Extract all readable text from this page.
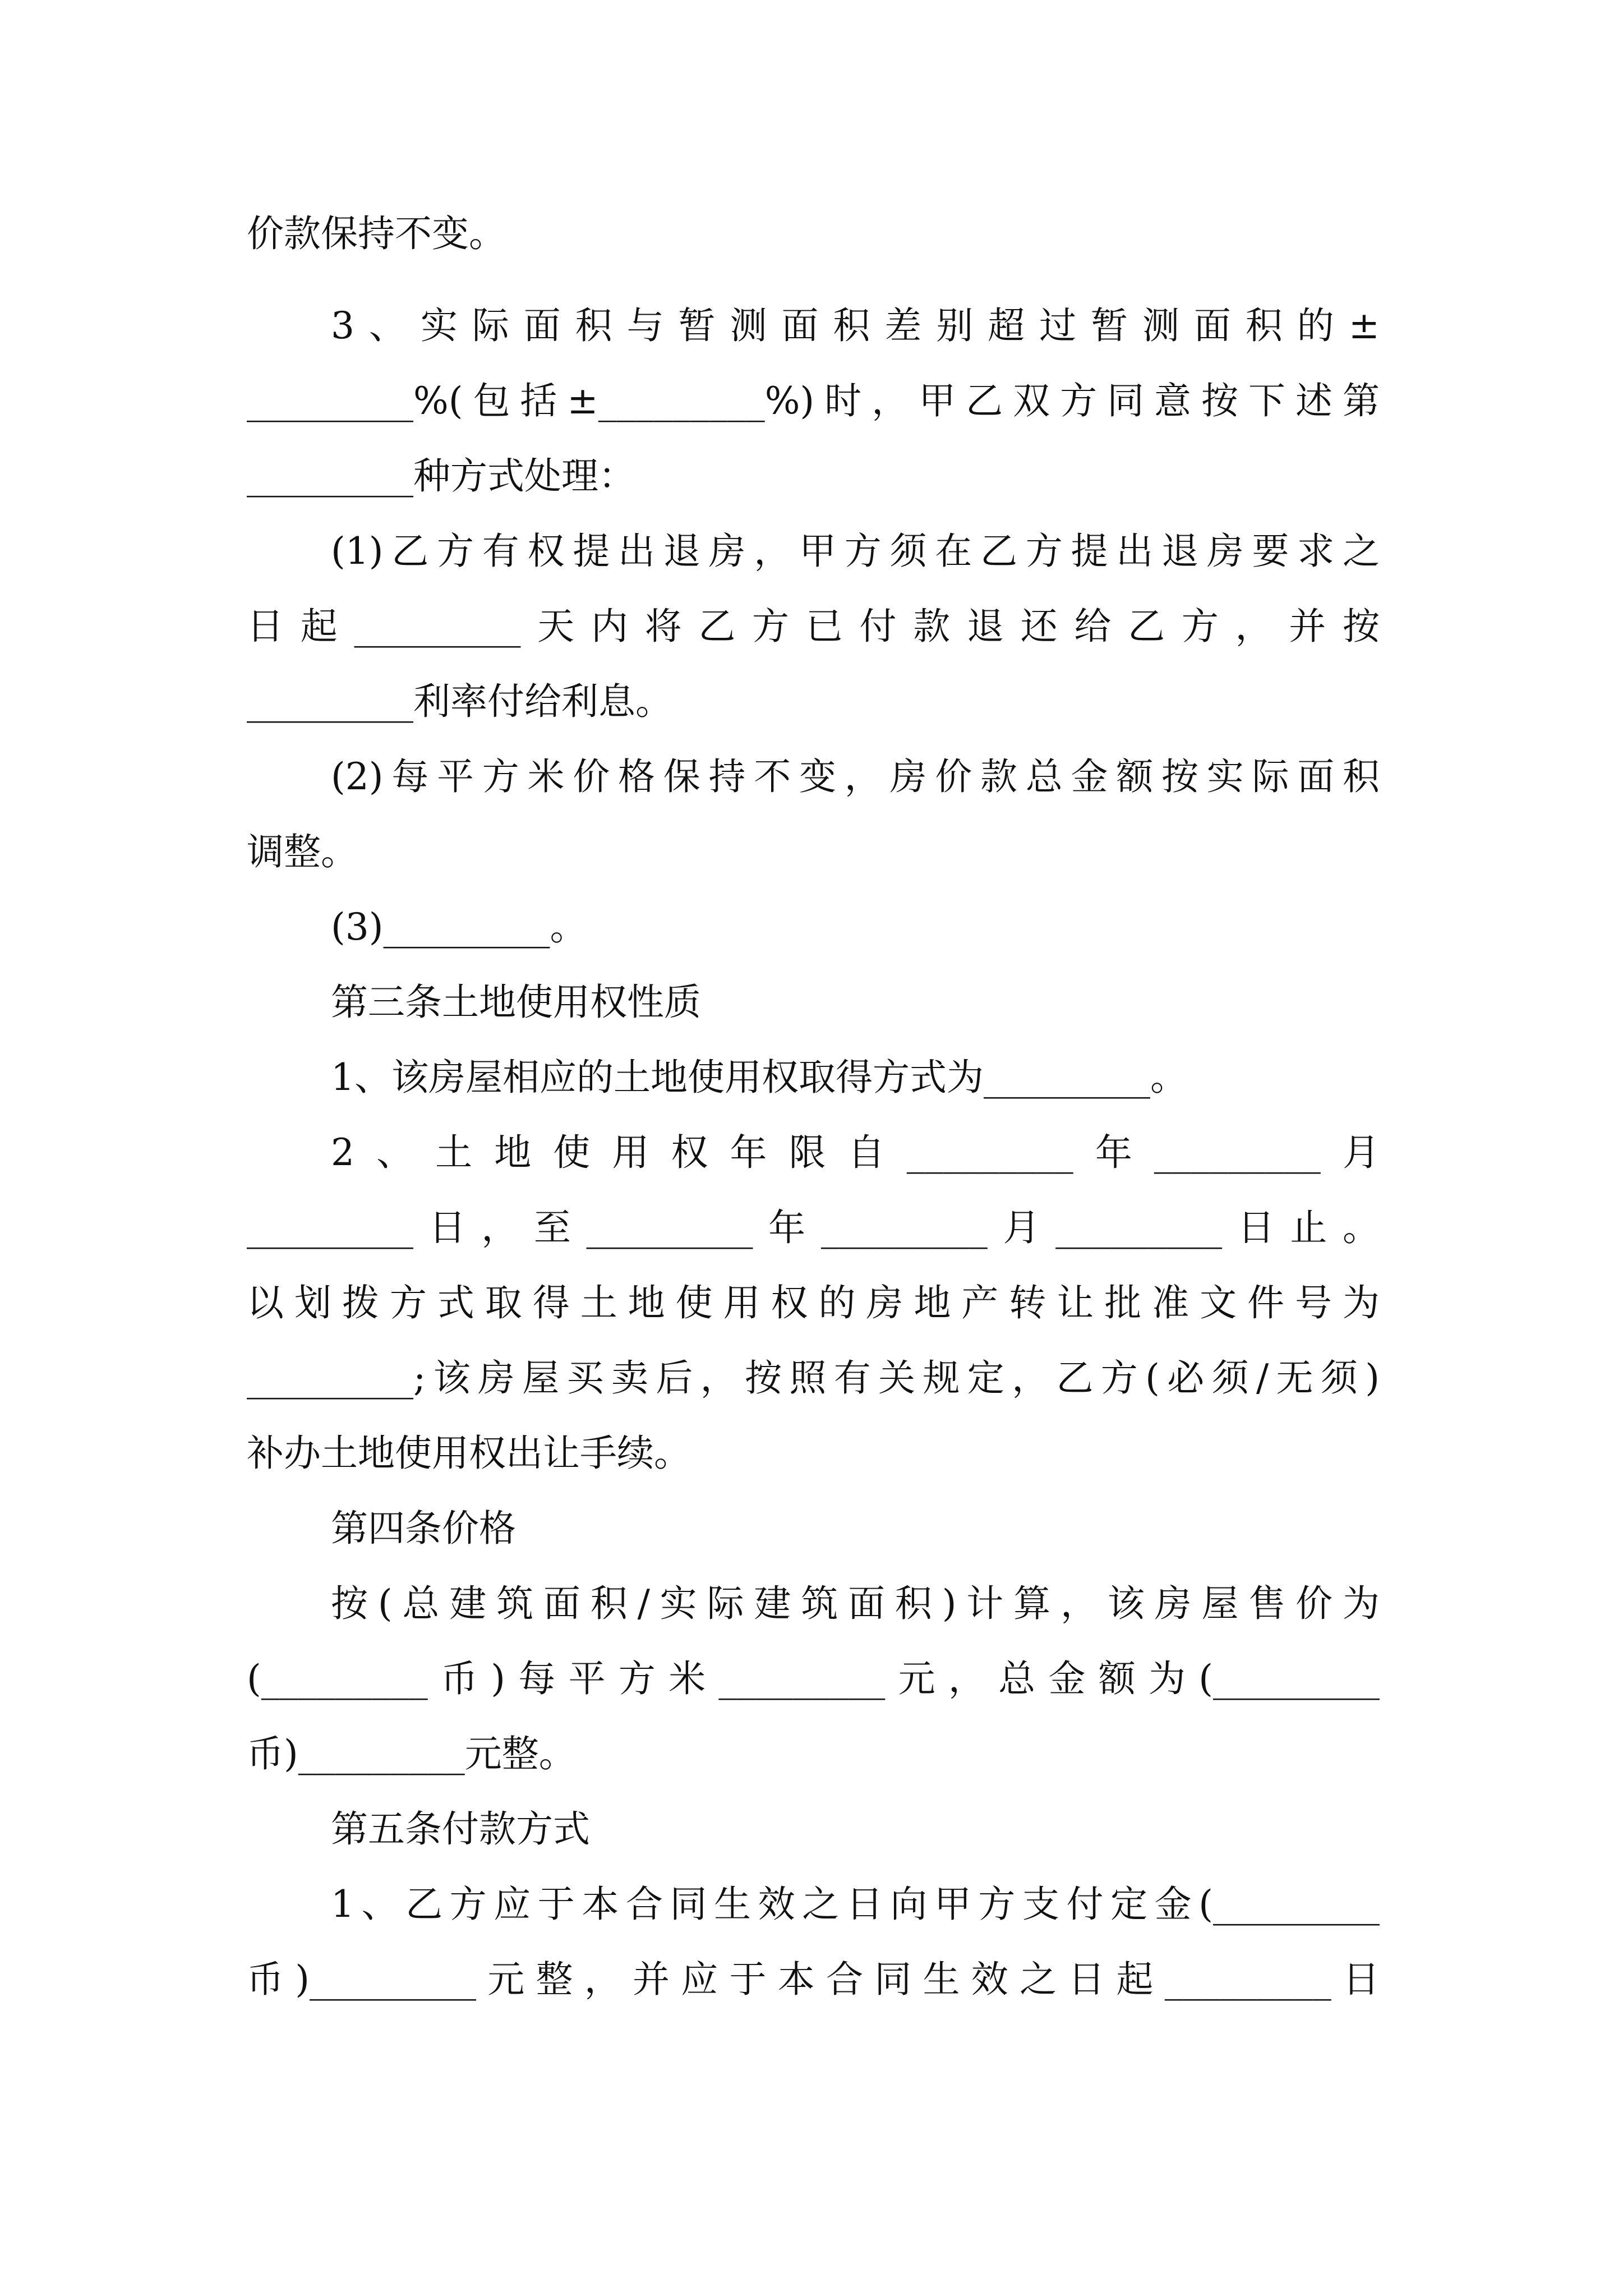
价款保持不变。
3、实际面积与暂测面积差别超过暂测面积的±
_________%(包括±_________%)时，甲乙双方同意按下述第
_________种方式处理：
(1)乙方有权提出退房，甲方须在乙方提出退房要求之
日起_________天内将乙方已付款退还给乙方，并按
_________利率付给利息。
(2)每平方米价格保持不变，房价款总金额按实际面积
调整。
(3)_________。
第三条土地使用权性质
1、该房屋相应的土地使用权取得方式为_________。
2、土地使用权年限自_________年_________月
_________日，至_________年_________月_________日止。
以划拨方式取得土地使用权的房地产转让批准文件号为
_________;该房屋买卖后，按照有关规定，乙方(必须/无须)
补办土地使用权出让手续。
第四条价格
按(总建筑面积/实际建筑面积)计算，该房屋售价为
(_________币)每平方米_________元，总金额为(_________
币)_________元整。
第五条付款方式
1、乙方应于本合同生效之日向甲方支付定金(_________
币)_________元整，并应于本合同生效之日起_________日
